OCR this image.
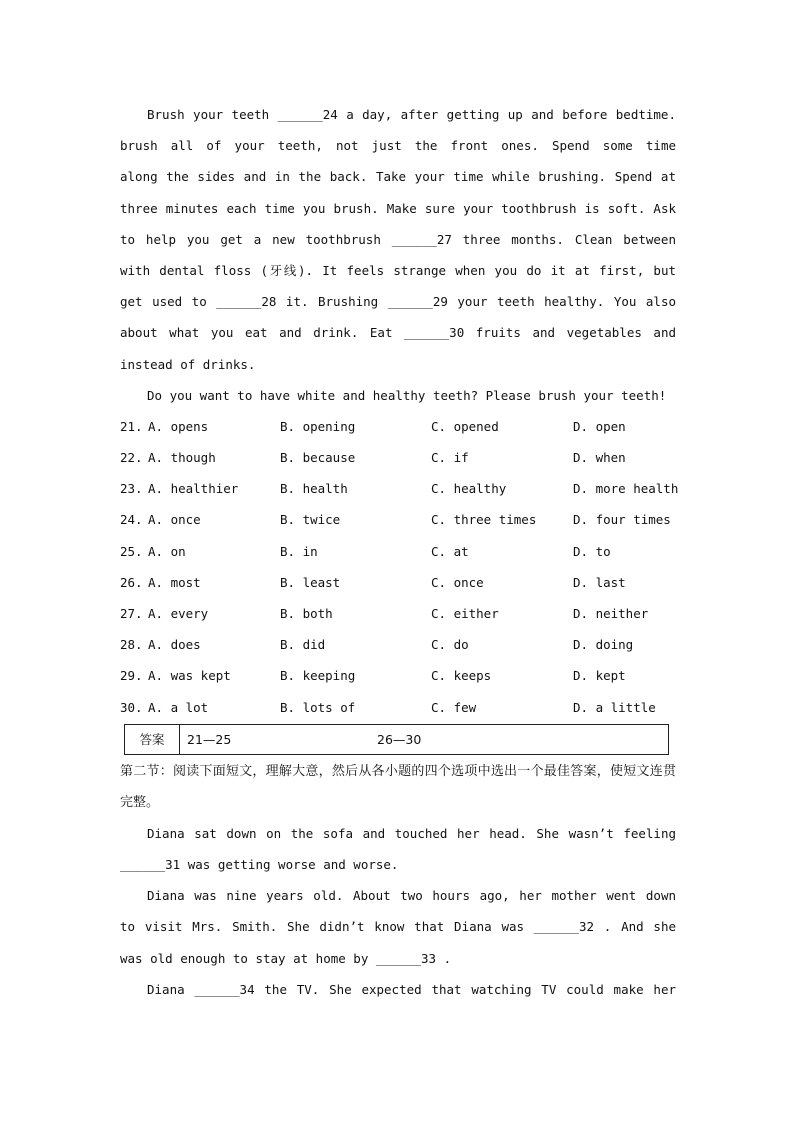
Brush your teeth ______24 a day, after getting up and before bedtime.
brush all of your teeth, not just the front ones. Spend some time
along the sides and in the back. Take your time while brushing. Spend at
three minutes each time you brush. Make sure your toothbrush is soft. Ask
to help you get a new toothbrush ______27 three months. Clean between
with dental floss (牙线). It feels strange when you do it at first, but
get used to ______28 it. Brushing ______29 your teeth healthy. You also
about what you eat and drink. Eat ______30 fruits and vegetables and
instead of drinks.
Do you want to have white and healthy teeth? Please brush your teeth!
21. A. opens	B. opening	C. opened	D. open
22. A. though	B. because	C. if	D. when
23. A. healthier	B. health	C. healthy	D. more health
24. A. once	B. twice	C. three times	D. four times
25. A. on	B. in	C. at	D. to
26. A. most	B. least	C. once	D. last
27. A. every	B. both	C. either	D. neither
28. A. does	B. did	C. do	D. doing
29. A. was kept	B. keeping	C. keeps	D. kept
30. A. a lot	B. lots of	C. few	D. a little
答案	21—25	26—30
第二节：阅读下面短文，理解大意，然后从各小题的四个选项中选出一个最佳答案，使短文连贯完整。
Diana sat down on the sofa and touched her head. She wasn’t feeling
______31 was getting worse and worse.
Diana was nine years old. About two hours ago, her mother went down
to visit Mrs. Smith. She didn’t know that Diana was ______32 . And she
was old enough to stay at home by ______33 .
Diana ______34 the TV. She expected that watching TV could make her
